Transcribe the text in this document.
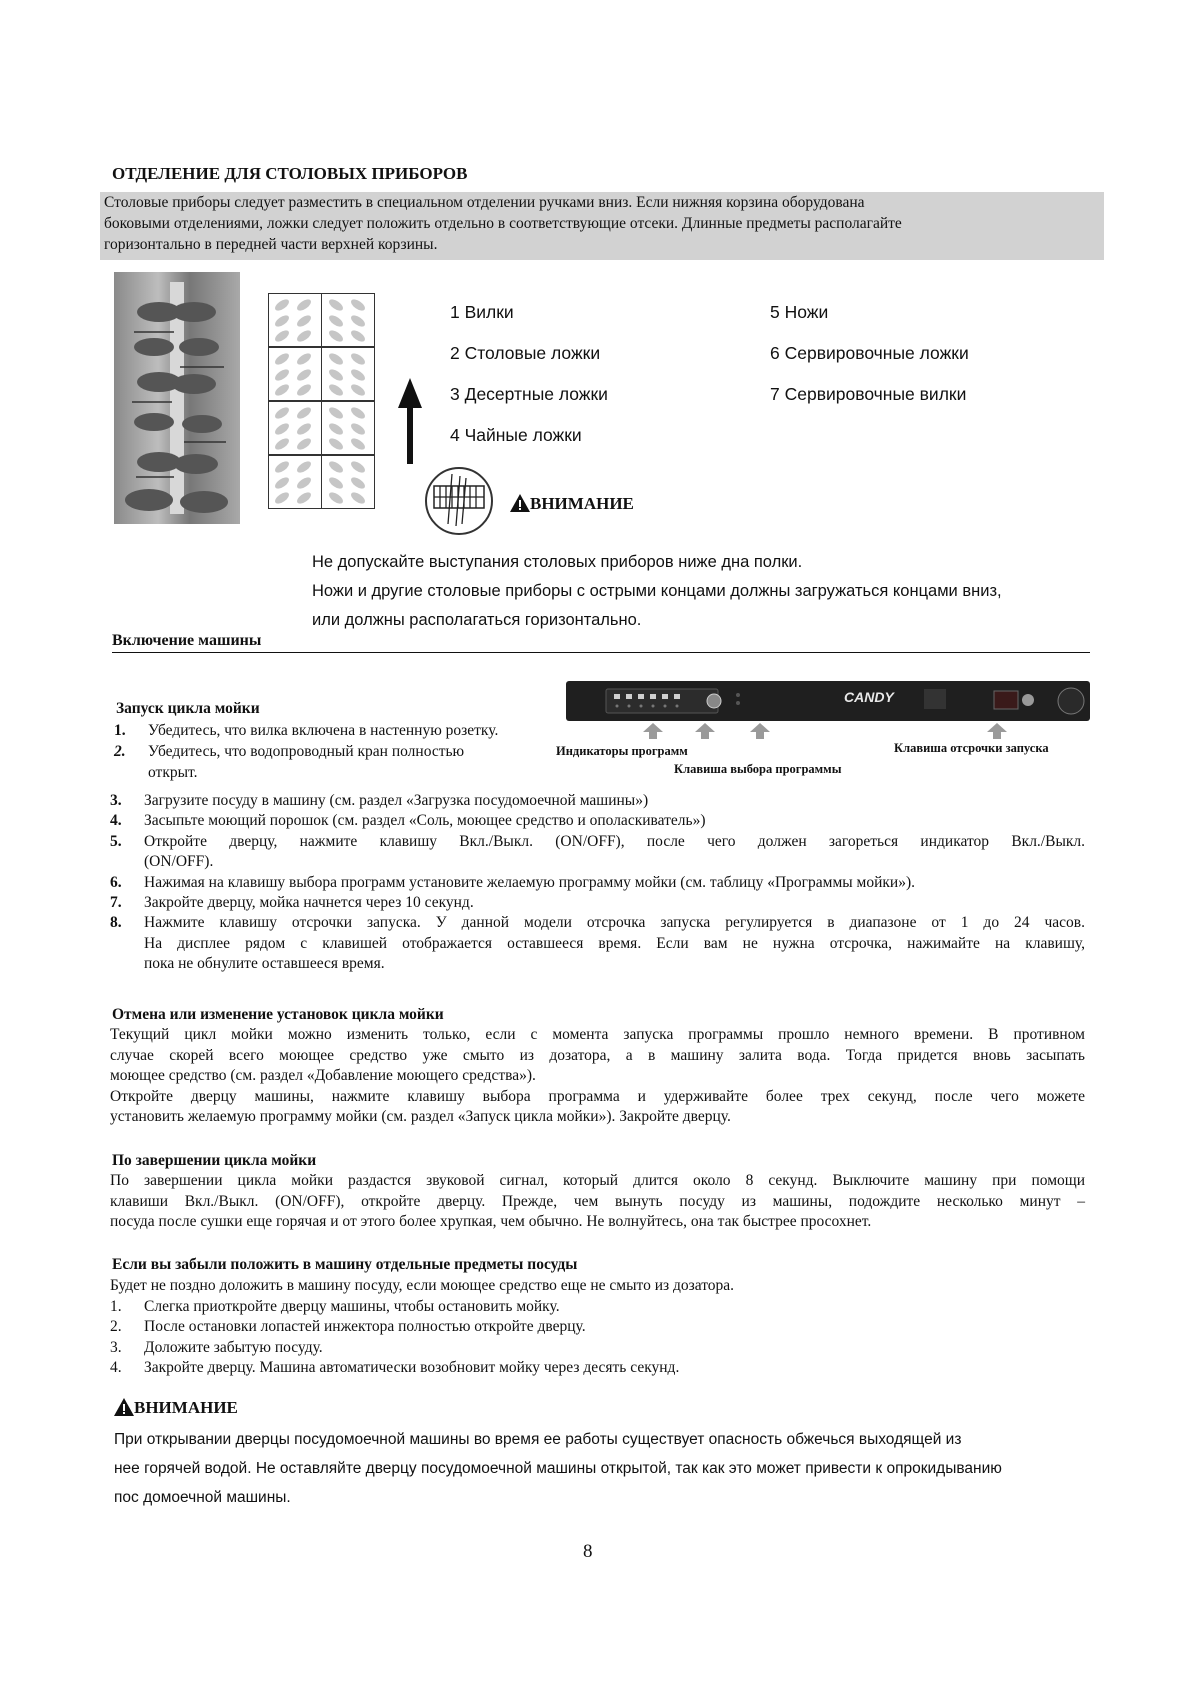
ОТДЕЛЕНИЕ ДЛЯ СТОЛОВЫХ ПРИБОРОВ
Столовые приборы следует разместить в специальном отделении ручками вниз. Если нижняя корзина оборудована
боковыми отделениями, ложки следует положить отдельно в соответствующие отсеки. Длинные предметы располагайте
горизонтально в передней части верхней корзины.
1 Вилки
2 Столовые ложки
3 Десертные ложки
4 Чайные ложки
5 Ножи
6 Сервировочные ложки
7 Сервировочные вилки
ВНИМАНИЕ
Не допускайте выступания столовых приборов ниже дна полки.
Ножи и другие столовые приборы с острыми концами должны загружаться концами вниз,
или должны располагаться горизонтально.
Включение машины
Запуск цикла мойки
CANDY
Индикаторы программ
Клавиша выбора программы
Клавиша отсрочки запуска
1. Убедитесь, что вилка включена в настенную розетку.
2. Убедитесь, что водопроводный кран полностью
открыт.
3.	Загрузите посуду в машину (см. раздел «Загрузка посудомоечной машины»)
4.	Засыпьте моющий порошок (см. раздел «Соль, моющее средство и ополаскиватель»)
5.	Откройте дверцу, нажмите клавишу Вкл./Выкл. (ON/OFF), после чего должен загореться индикатор Вкл./Выкл.
(ON/OFF).
6.	Нажимая на клавишу выбора программ установите желаемую программу мойки (см. таблицу «Программы мойки»).
7.	Закройте дверцу, мойка начнется через 10 секунд.
8.	Нажмите клавишу отсрочки запуска. У данной модели отсрочка запуска регулируется в диапазоне от 1 до 24 часов.
На дисплее рядом с клавишей отображается оставшееся время. Если вам не нужна отсрочка, нажимайте на клавишу,
пока не обнулите оставшееся время.
Отмена или изменение установок цикла мойки
Текущий цикл мойки можно изменить только, если с момента запуска программы прошло немного времени. В противном
случае скорей всего моющее средство уже смыто из дозатора, а в машину залита вода. Тогда придется вновь засыпать
моющее средство (см. раздел «Добавление моющего средства»).
Откройте дверцу машины, нажмите клавишу выбора программа и удерживайте более трех секунд, после чего можете
установить желаемую программу мойки (см. раздел «Запуск цикла мойки»). Закройте дверцу.
По завершении цикла мойки
По завершении цикла мойки раздастся звуковой сигнал, который длится около 8 секунд. Выключите машину при помощи
клавиши Вкл./Выкл. (ON/OFF), откройте дверцу. Прежде, чем вынуть посуду из машины, подождите несколько минут –
посуда после сушки еще горячая и от этого более хрупкая, чем обычно. Не волнуйтесь, она так быстрее просохнет.
Если вы забыли положить в машину отдельные предметы посуды
Будет не поздно доложить в машину посуду, если моющее средство еще не смыто из дозатора.
1.	Слегка приоткройте дверцу машины, чтобы остановить мойку.
2.	После остановки лопастей инжектора полностью откройте дверцу.
3.	Доложите забытую посуду.
4.	Закройте дверцу. Машина автоматически возобновит мойку через десять секунд.
ВНИМАНИЕ
При открывании дверцы посудомоечной машины во время ее работы существует опасность обжечься выходящей из
нее горячей водой. Не оставляйте дверцу посудомоечной машины открытой, так как это может привести к опрокидыванию
пос домоечной машины.
8
